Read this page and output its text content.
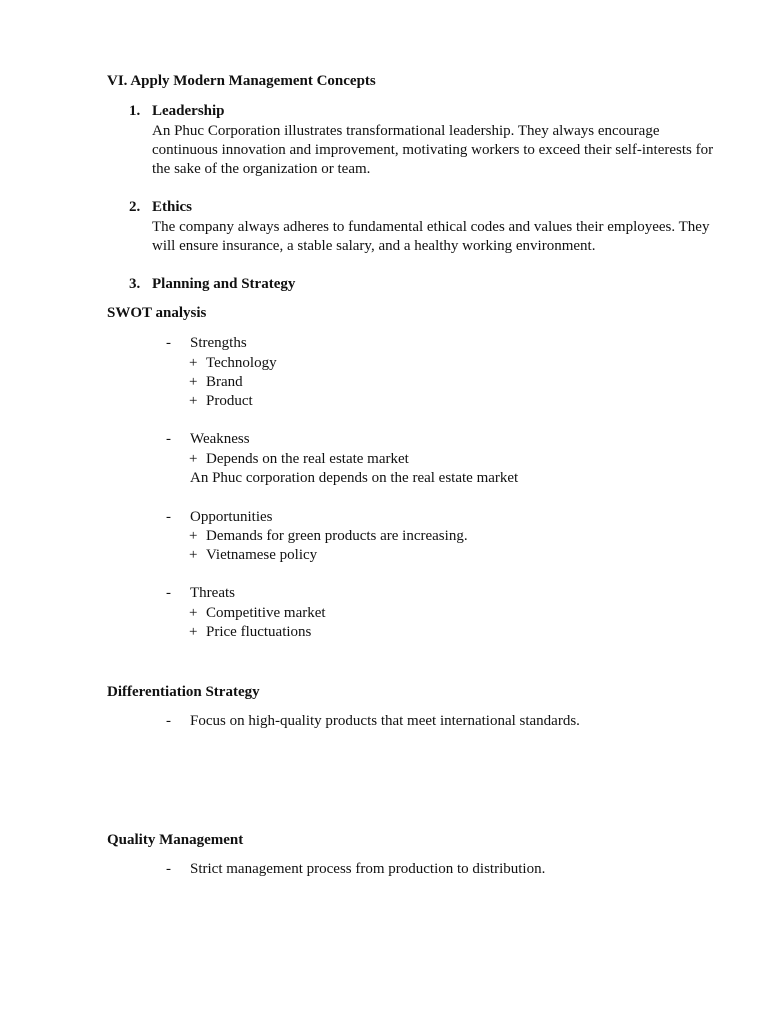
VI. Apply Modern Management Concepts
1. Leadership

An Phuc Corporation illustrates transformational leadership. They always encourage continuous innovation and improvement, motivating workers to exceed their self-interests for the sake of the organization or team.

2. Ethics

The company always adheres to fundamental ethical codes and values their employees. They will ensure insurance, a stable salary, and a healthy working environment.

3. Planning and Strategy
SWOT analysis
- Strengths
+ Technology
+ Brand
+ Product
- Weakness
+ Depends on the real estate market
An Phuc corporation depends on the real estate market
- Opportunities
+ Demands for green products are increasing.
+ Vietnamese policy
- Threats
+ Competitive market
+ Price fluctuations
Differentiation Strategy
- Focus on high-quality products that meet international standards.
Quality Management
- Strict management process from production to distribution.
